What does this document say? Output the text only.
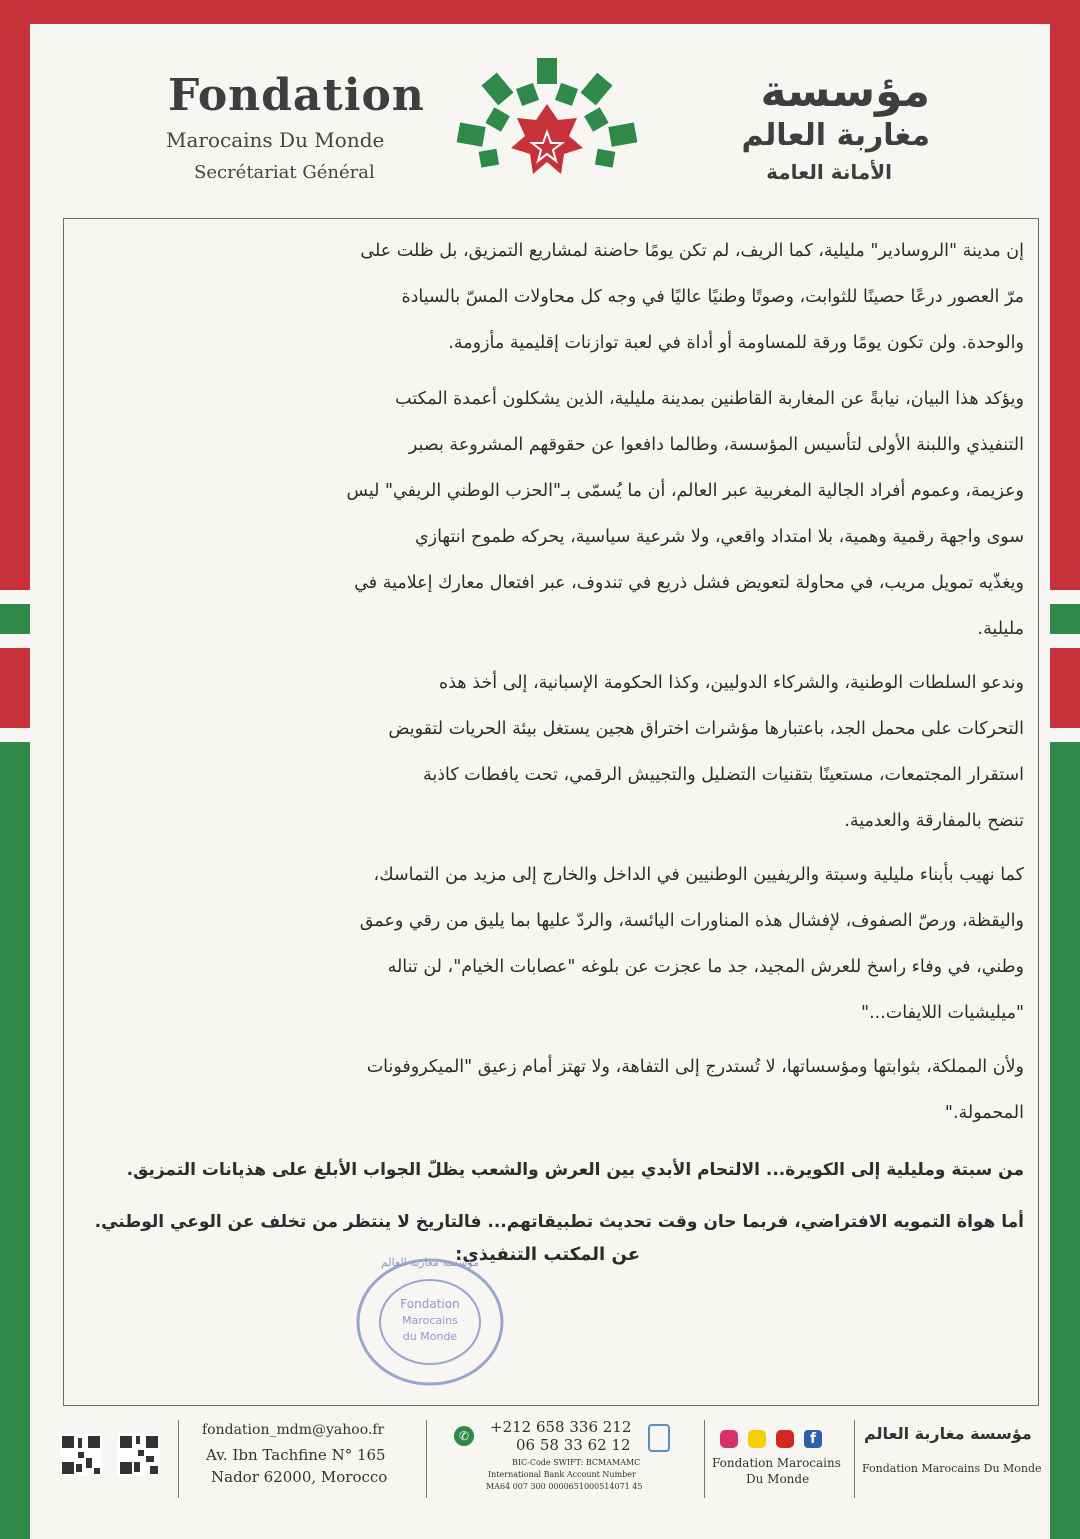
Fondation
Marocains Du Monde
Secrétariat Général
مؤسسة
مغاربة العالم
الأمانة العامة

إن مدينة "الروسادير" مليلية، كما الريف، لم تكن يومًا حاضنة لمشاريع التمزيق، بل ظلت على

مرّ العصور درعًا حصينًا للثوابت، وصوتًا وطنيًا عاليًا في وجه كل محاولات المسّ بالسيادة

والوحدة. ولن تكون يومًا ورقة للمساومة أو أداة في لعبة توازنات إقليمية مأزومة.

ويؤكد هذا البيان، نيابةً عن المغاربة القاطنين بمدينة مليلية، الذين يشكلون أعمدة المكتب

التنفيذي واللبنة الأولى لتأسيس المؤسسة، وطالما دافعوا عن حقوقهم المشروعة بصبر

وعزيمة، وعموم أفراد الجالية المغربية عبر العالم، أن ما يُسمّى بـ"الحزب الوطني الريفي" ليس

سوى واجهة رقمية وهمية، بلا امتداد واقعي، ولا شرعية سياسية، يحركه طموح انتهازي

ويغذّيه تمويل مريب، في محاولة لتعويض فشل ذريع في تندوف، عبر افتعال معارك إعلامية في

مليلية.

وندعو السلطات الوطنية، والشركاء الدوليين، وكذا الحكومة الإسبانية، إلى أخذ هذه

التحركات على محمل الجد، باعتبارها مؤشرات اختراق هجين يستغل بيئة الحريات لتقويض

استقرار المجتمعات، مستعينًا بتقنيات التضليل والتجييش الرقمي، تحت يافطات كاذبة

تنضح بالمفارقة والعدمية.

كما نهيب بأبناء مليلية وسبتة والريفيين الوطنيين في الداخل والخارج إلى مزيد من التماسك،

واليقظة، ورصّ الصفوف، لإفشال هذه المناورات اليائسة، والردّ عليها بما يليق من رقي وعمق

وطني، في وفاء راسخ للعرش المجيد، جد ما عجزت عن بلوغه "عصابات الخيام"، لن تناله

"ميليشيات اللايفات..."

ولأن المملكة، بثوابتها ومؤسساتها، لا تُستدرج إلى التفاهة، ولا تهتز أمام زعيق "الميكروفونات

المحمولة."

من سبتة ومليلية إلى الكويرة... الالتحام الأبدي بين العرش والشعب يظلّ الجواب الأبلغ على هذيانات التمزيق.

أما هواة التمويه الافتراضي، فربما حان وقت تحديث تطبيقاتهم... فالتاريخ لا ينتظر من تخلف عن الوعي الوطني.

عن المكتب التنفيذي:
Fondation
Marocains
du Monde
مؤسسة مغاربة العالم
fondation_mdm@yahoo.fr
Av. Ibn Tachfine N° 165
Nador 62000, Morocco
✆	+212 658 336 212
06 58 33 62 12
BIC-Code SWIFT: BCMAMAMC
International Bank Account Number
MA64 007 300 0000651000514071 45
f
Fondation Marocains
Du Monde
مؤسسة مغاربة العالم
Fondation Marocains Du Monde
